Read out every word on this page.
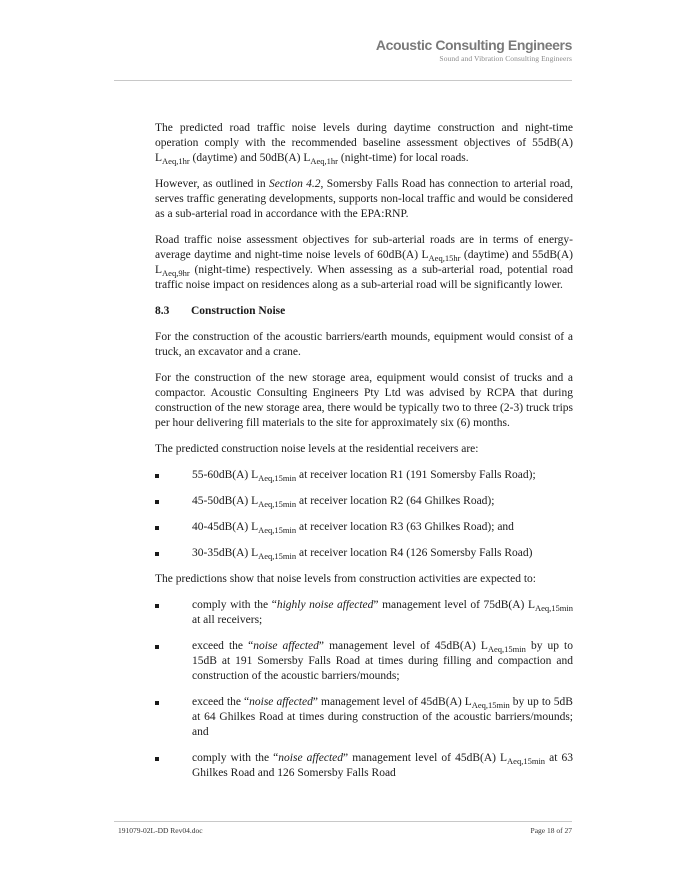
Acoustic Consulting Engineers
Sound and Vibration Consulting Engineers

The predicted road traffic noise levels during daytime construction and night-time operation comply with the recommended baseline assessment objectives of 55dB(A) $L_{Aeq,1hr}$ (daytime) and 50dB(A) $L_{Aeq,1hr}$ (night-time) for local roads.

However, as outlined in Section 4.2, Somersby Falls Road has connection to arterial road, serves traffic generating developments, supports non-local traffic and would be considered as a sub-arterial road in accordance with the EPA:RNP.

Road traffic noise assessment objectives for sub-arterial roads are in terms of energy-average daytime and night-time noise levels of 60dB(A) $L_{Aeq,15hr}$ (daytime) and 55dB(A) $L_{Aeq,9hr}$ (night-time) respectively. When assessing as a sub-arterial road, potential road traffic noise impact on residences along as a sub-arterial road will be significantly lower.

8.3 Construction Noise

For the construction of the acoustic barriers/earth mounds, equipment would consist of a truck, an excavator and a crane.

For the construction of the new storage area, equipment would consist of trucks and a compactor. Acoustic Consulting Engineers Pty Ltd was advised by RCPA that during construction of the new storage area, there would be typically two to three (2-3) truck trips per hour delivering fill materials to the site for approximately six (6) months.

The predicted construction noise levels at the residential receivers are:

55-60dB(A) $L_{Aeq,15min}$ at receiver location R1 (191 Somersby Falls Road);
45-50dB(A) $L_{Aeq,15min}$ at receiver location R2 (64 Ghilkes Road);
40-45dB(A) $L_{Aeq,15min}$ at receiver location R3 (63 Ghilkes Road); and
30-35dB(A) $L_{Aeq,15min}$ at receiver location R4 (126 Somersby Falls Road)

The predictions show that noise levels from construction activities are expected to:

comply with the “highly noise affected” management level of 75dB(A) $L_{Aeq,15min}$ at all receivers;
exceed the “noise affected” management level of 45dB(A) $L_{Aeq,15min}$ by up to 15dB at 191 Somersby Falls Road at times during filling and compaction and construction of the acoustic barriers/mounds;
exceed the “noise affected” management level of 45dB(A) $L_{Aeq,15min}$ by up to 5dB at 64 Ghilkes Road at times during construction of the acoustic barriers/mounds; and
comply with the “noise affected” management level of 45dB(A) $L_{Aeq,15min}$ at 63 Ghilkes Road and 126 Somersby Falls Road
191079-02L-DD Rev04.doc	Page 18 of 27
